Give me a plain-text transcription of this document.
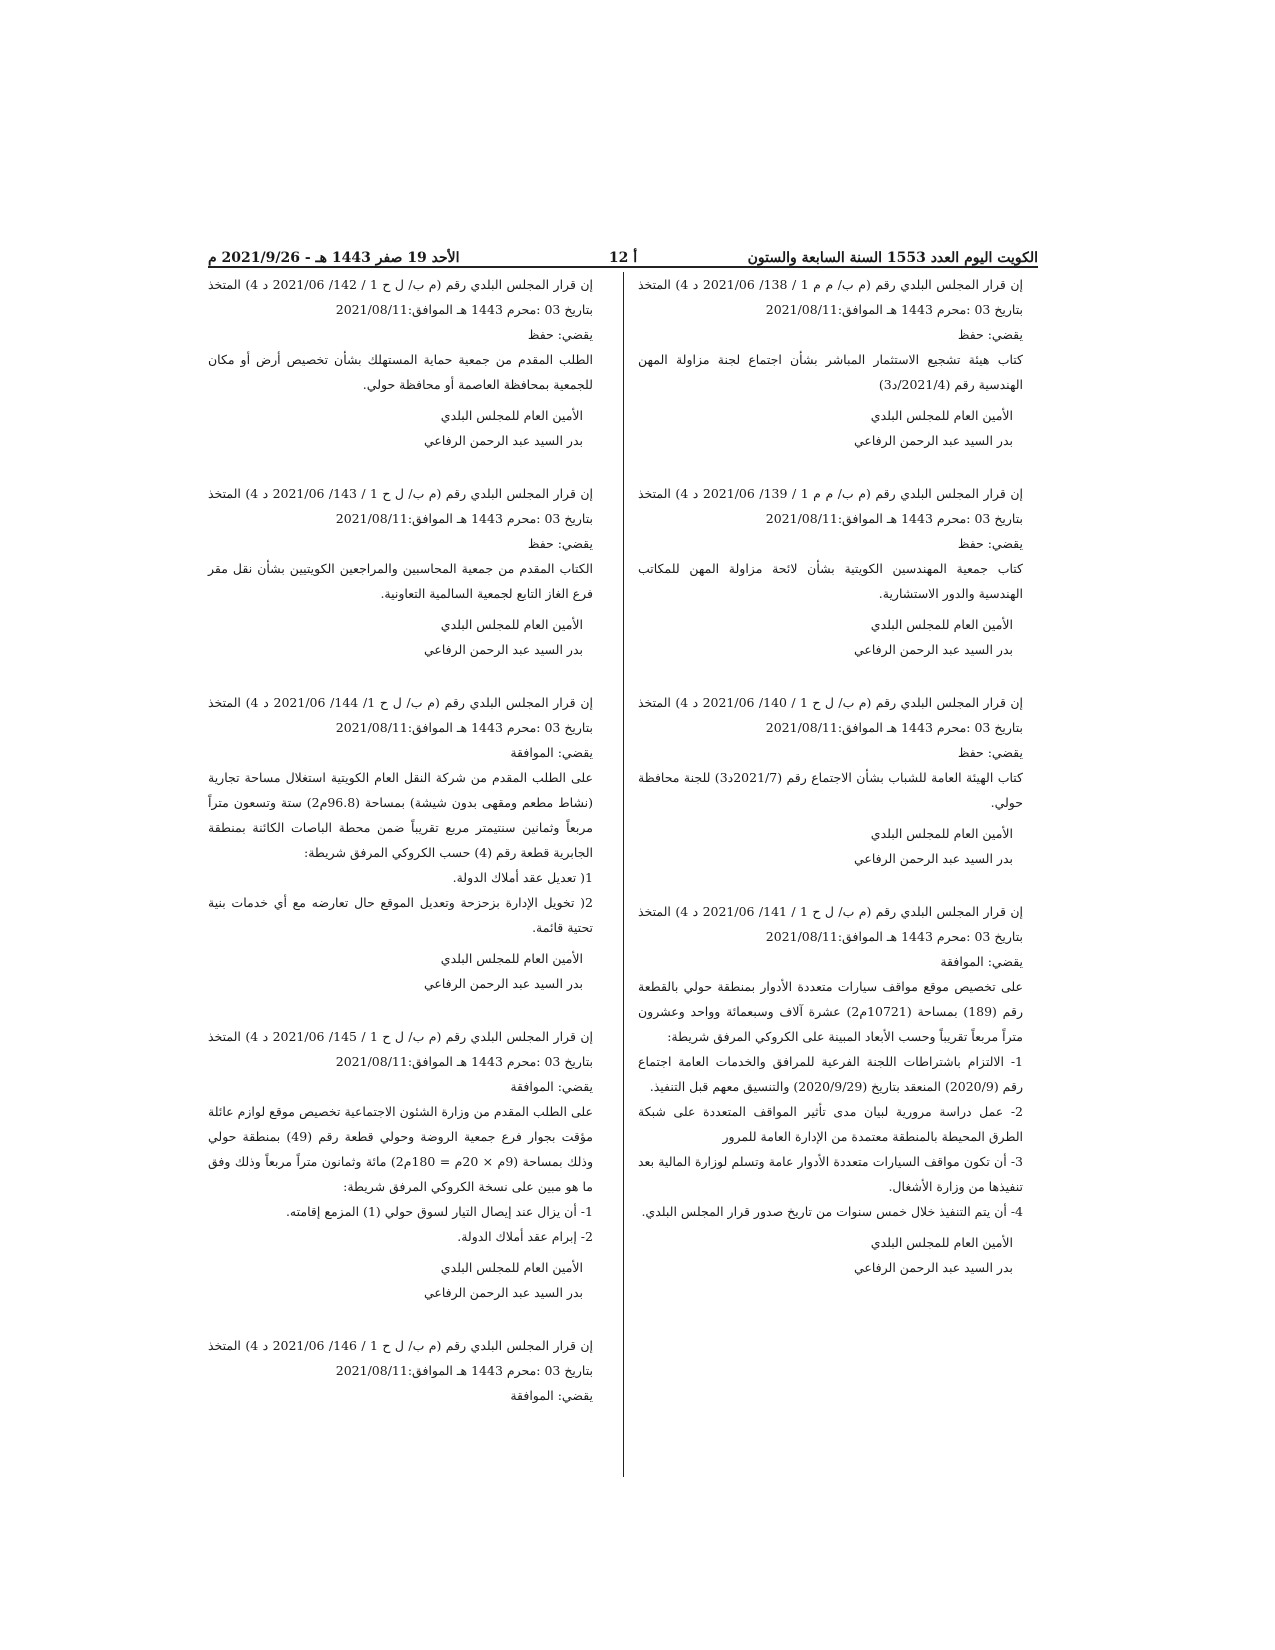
الكويت اليوم العدد 1553 السنة السابعة والستون
أ 12
الأحد 19 صفر 1443 هـ - 2021/9/26 م
إن قرار المجلس البلدي رقم (م ب/ م م 1 / 138/ 2021/06 د 4) المتخذ بتاريخ 03 :محرم 1443 هـ الموافق:2021/08/11
يقضي: حفظ
كتاب هيئة تشجيع الاستثمار المباشر بشأن اجتماع لجنة مزاولة المهن الهندسية رقم (2021/4/د3)
الأمين العام للمجلس البلدي
بدر السيد عبد الرحمن الرفاعي
إن قرار المجلس البلدي رقم (م ب/ م م 1 / 139/ 2021/06 د 4) المتخذ بتاريخ 03 :محرم 1443 هـ الموافق:2021/08/11
يقضي: حفظ
كتاب جمعية المهندسين الكويتية بشأن لائحة مزاولة المهن للمكاتب الهندسية والدور الاستشارية.
الأمين العام للمجلس البلدي
بدر السيد عبد الرحمن الرفاعي
إن قرار المجلس البلدي رقم (م ب/ ل ح 1 / 140/ 2021/06 د 4) المتخذ بتاريخ 03 :محرم 1443 هـ الموافق:2021/08/11
يقضي: حفظ
كتاب الهيئة العامة للشباب بشأن الاجتماع رقم (2021/7د3) للجنة محافظة حولي.
الأمين العام للمجلس البلدي
بدر السيد عبد الرحمن الرفاعي
إن قرار المجلس البلدي رقم (م ب/ ل ح 1 / 141/ 2021/06 د 4) المتخذ بتاريخ 03 :محرم 1443 هـ الموافق:2021/08/11
يقضي: الموافقة
على تخصيص موقع مواقف سيارات متعددة الأدوار بمنطقة حولي بالقطعة رقم (189) بمساحة (10721م2) عشرة آلاف وسبعمائة وواحد وعشرون متراً مربعاً تقريباً وحسب الأبعاد المبينة على الكروكي المرفق شريطة:
1- الالتزام باشتراطات اللجنة الفرعية للمرافق والخدمات العامة اجتماع رقم (2020/9) المنعقد بتاريخ (2020/9/29) والتنسيق معهم قبل التنفيذ.
2- عمل دراسة مرورية لبيان مدى تأثير المواقف المتعددة على شبكة الطرق المحيطة بالمنطقة معتمدة من الإدارة العامة للمرور
3- أن تكون مواقف السيارات متعددة الأدوار عامة وتسلم لوزارة المالية بعد تنفيذها من وزارة الأشغال.
4- أن يتم التنفيذ خلال خمس سنوات من تاريخ صدور قرار المجلس البلدي.
الأمين العام للمجلس البلدي
بدر السيد عبد الرحمن الرفاعي
إن قرار المجلس البلدي رقم (م ب/ ل ح 1 / 142/ 2021/06 د 4) المتخذ بتاريخ 03 :محرم 1443 هـ الموافق:2021/08/11
يقضي: حفظ
الطلب المقدم من جمعية حماية المستهلك بشأن تخصيص أرض أو مكان للجمعية بمحافظة العاصمة أو محافظة حولي.
الأمين العام للمجلس البلدي
بدر السيد عبد الرحمن الرفاعي
إن قرار المجلس البلدي رقم (م ب/ ل ح 1 / 143/ 2021/06 د 4) المتخذ بتاريخ 03 :محرم 1443 هـ الموافق:2021/08/11
يقضي: حفظ
الكتاب المقدم من جمعية المحاسبين والمراجعين الكويتيين بشأن نقل مقر فرع الغاز التابع لجمعية السالمية التعاونية.
الأمين العام للمجلس البلدي
بدر السيد عبد الرحمن الرفاعي
إن قرار المجلس البلدي رقم (م ب/ ل ح 1/ 144/ 2021/06 د 4) المتخذ بتاريخ 03 :محرم 1443 هـ الموافق:2021/08/11
يقضي: الموافقة
على الطلب المقدم من شركة النقل العام الكويتية استغلال مساحة تجارية (نشاط مطعم ومقهى بدون شيشة) بمساحة (96.8م2) ستة وتسعون متراً مربعاً وثمانين سنتيمتر مربع تقريباً ضمن محطة الباصات الكائنة بمنطقة الجابرية قطعة رقم (4) حسب الكروكي المرفق شريطة:
1( تعديل عقد أملاك الدولة.
2( تخويل الإدارة بزحزحة وتعديل الموقع حال تعارضه مع أي خدمات بنية تحتية قائمة.
الأمين العام للمجلس البلدي
بدر السيد عبد الرحمن الرفاعي
إن قرار المجلس البلدي رقم (م ب/ ل ح 1 / 145/ 2021/06 د 4) المتخذ بتاريخ 03 :محرم 1443 هـ الموافق:2021/08/11
يقضي: الموافقة
على الطلب المقدم من وزارة الشئون الاجتماعية تخصيص موقع لوازم عائلة مؤقت بجوار فرع جمعية الروضة وحولي قطعة رقم (49) بمنطقة حولي وذلك بمساحة (9م × 20م = 180م2) مائة وثمانون متراً مربعاً وذلك وفق ما هو مبين على نسخة الكروكي المرفق شريطة:
1- أن يزال عند إيصال التيار لسوق حولي (1) المزمع إقامته.
2- إبرام عقد أملاك الدولة.
الأمين العام للمجلس البلدي
بدر السيد عبد الرحمن الرفاعي
إن قرار المجلس البلدي رقم (م ب/ ل ح 1 / 146/ 2021/06 د 4) المتخذ بتاريخ 03 :محرم 1443 هـ الموافق:2021/08/11
يقضي: الموافقة
